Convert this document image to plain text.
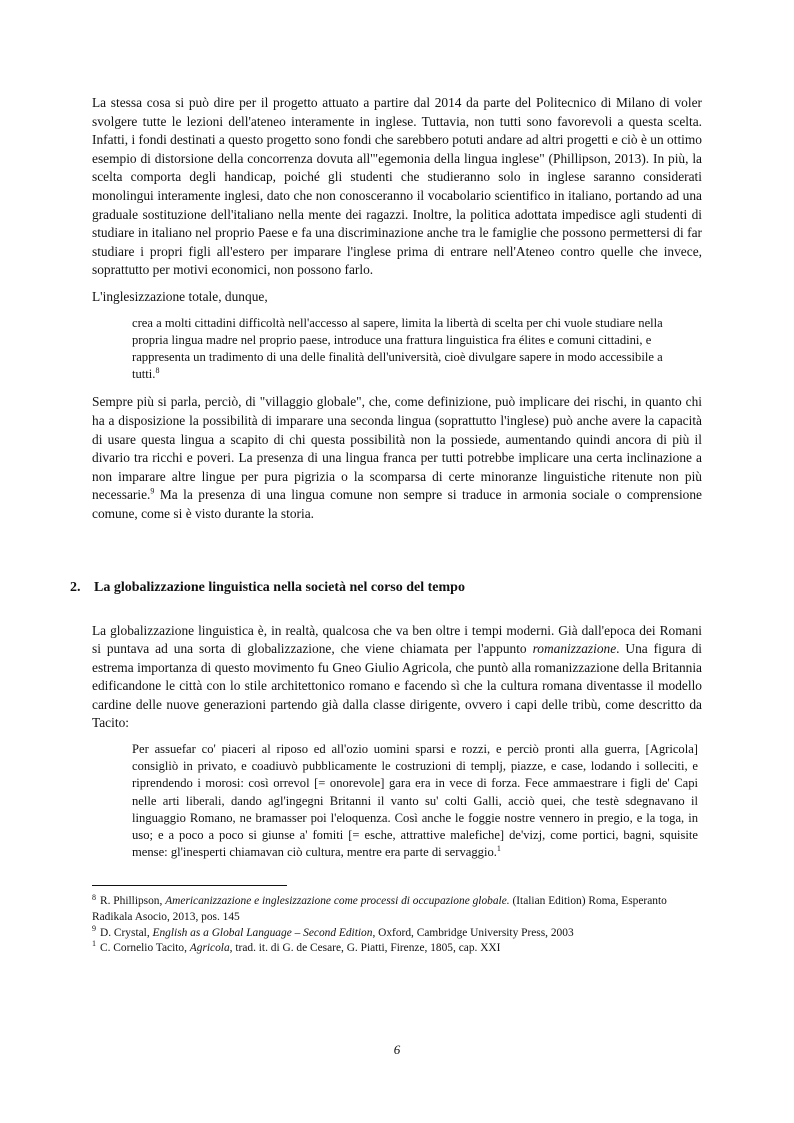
La stessa cosa si può dire per il progetto attuato a partire dal 2014 da parte del Politecnico di Milano di voler svolgere tutte le lezioni dell'ateneo interamente in inglese. Tuttavia, non tutti sono favorevoli a questa scelta. Infatti, i fondi destinati a questo progetto sono fondi che sarebbero potuti andare ad altri progetti e ciò è un ottimo esempio di distorsione della concorrenza dovuta all'"egemonia della lingua inglese" (Phillipson, 2013). In più, la scelta comporta degli handicap, poiché gli studenti che studieranno solo in inglese saranno considerati monolingui interamente inglesi, dato che non conosceranno il vocabolario scientifico in italiano, portando ad una graduale sostituzione dell'italiano nella mente dei ragazzi. Inoltre, la politica adottata impedisce agli studenti di studiare in italiano nel proprio Paese e fa una discriminazione anche tra le famiglie che possono permettersi di far studiare i propri figli all'estero per imparare l'inglese prima di entrare nell'Ateneo contro quelle che invece, soprattutto per motivi economici, non possono farlo.

L'inglesizzazione totale, dunque,

crea a molti cittadini difficoltà nell'accesso al sapere, limita la libertà di scelta per chi vuole studiare nella propria lingua madre nel proprio paese, introduce una frattura linguistica fra élites e comuni cittadini, e rappresenta un tradimento di una delle finalità dell'università, cioè divulgare sapere in modo accessibile a tutti.$^8$

Sempre più si parla, perciò, di "villaggio globale", che, come definizione, può implicare dei rischi, in quanto chi ha a disposizione la possibilità di imparare una seconda lingua (soprattutto l'inglese) può anche avere la capacità di usare questa lingua a scapito di chi questa possibilità non la possiede, aumentando quindi ancora di più il divario tra ricchi e poveri. La presenza di una lingua franca per tutti potrebbe implicare una certa inclinazione a non imparare altre lingue per pura pigrizia o la scomparsa di certe minoranze linguistiche ritenute non più necessarie.$^9$ Ma la presenza di una lingua comune non sempre si traduce in armonia sociale o comprensione comune, come si è visto durante la storia.

2. La globalizzazione linguistica nella società nel corso del tempo

La globalizzazione linguistica è, in realtà, qualcosa che va ben oltre i tempi moderni. Già dall'epoca dei Romani si puntava ad una sorta di globalizzazione, che viene chiamata per l'appunto romanizzazione. Una figura di estrema importanza di questo movimento fu Gneo Giulio Agricola, che puntò alla romanizzazione della Britannia edificandone le città con lo stile architettonico romano e facendo sì che la cultura romana diventasse il modello cardine delle nuove generazioni partendo già dalla classe dirigente, ovvero i capi delle tribù, come descritto da Tacito:

Per assuefar co' piaceri al riposo ed all'ozio uomini sparsi e rozzi, e perciò pronti alla guerra, [Agricola] consigliò in privato, e coadiuvò pubblicamente le costruzioni di templj, piazze, e case, lodando i solleciti, e riprendendo i morosi: così orrevol [= onorevole] gara era in vece di forza. Fece ammaestrare i figli de' Capi nelle arti liberali, dando agl'ingegni Britanni il vanto su' colti Galli, acciò quei, che testè sdegnavano il linguaggio Romano, ne bramasser poi l'eloquenza. Così anche le foggie nostre vennero in pregio, e la toga, in uso; e a poco a poco si giunse a' fomiti [= esche, attrattive malefiche] de'vizj, come portici, bagni, squisite mense: gl'inesperti chiamavan ciò cultura, mentre era parte di servaggio.$^1$

$^8$ R. Phillipson, Americanizzazione e inglesizzazione come processi di occupazione globale. (Italian Edition) Roma, Esperanto Radikala Asocio, 2013, pos. 145

$^9$ D. Crystal, English as a Global Language – Second Edition, Oxford, Cambridge University Press, 2003

$^1$ C. Cornelio Tacito, Agricola, trad. it. di G. de Cesare, G. Piatti, Firenze, 1805, cap. XXI

6
